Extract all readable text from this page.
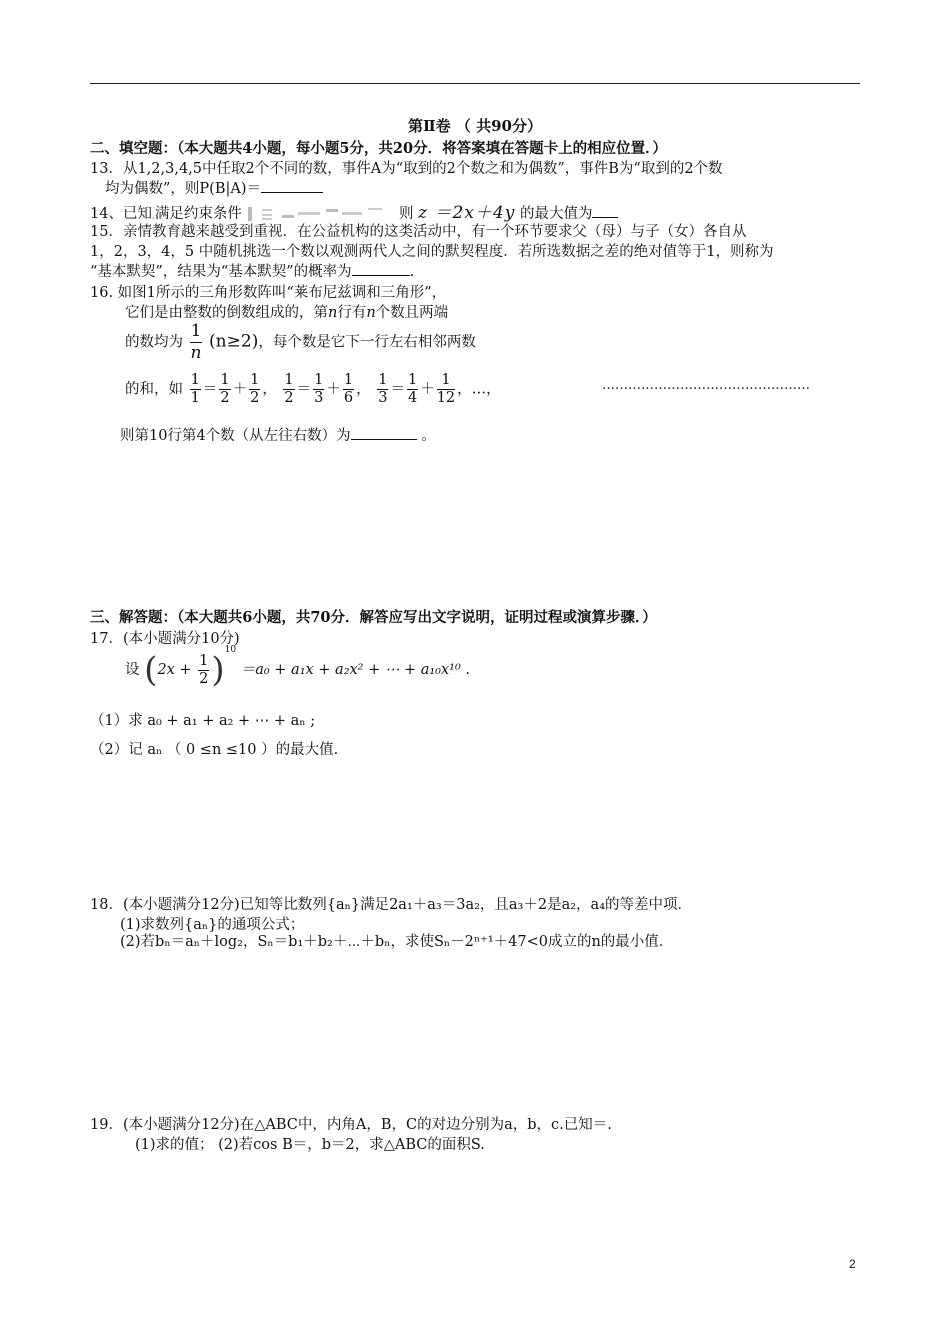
第Ⅱ卷 （ 共90分）
二、填空题：（本大题共4小题，每小题5分，共20分．将答案填在答题卡上的相应位置．）
13．从1,2,3,4,5中任取2个不同的数，事件A为“取到的2个数之和为偶数”，事件B为“取到的2个数
均为偶数”，则P(B|A)＝
14、已知,满足约束条件	则 z ＝2x＋4y 的最大值为
15．亲情教育越来越受到重视．在公益机构的这类活动中，有一个环节要求父（母）与子（女）各自从
1，2，3，4，5 中随机挑选一个数以观测两代人之间的默契程度．若所选数据之差的绝对值等于1，则称为
“基本默契”，结果为“基本默契”的概率为	.
16. 如图1所示的三角形数阵叫“莱布尼兹调和三角形”，
它们是由整数的倒数组成的，第n行有n个数且两端
的数均为 $\frac{1}{n} (n\ge 2)$，每个数是它下一行左右相邻两数
的和，如 $\frac{1}{1} = \frac{1}{2} + \frac{1}{2}$ ， $\frac{1}{2} = \frac{1}{3} + \frac{1}{6}$ ， $\frac{1}{3} = \frac{1}{4} + \frac{1}{12}$ ，…，	…………………………………………
则第10行第4个数（从左往右数）为	。
三、解答题：（本大题共6小题，共70分．解答应写出文字说明，证明过程或演算步骤．）
17．(本小题满分10分)
设 $(2x + \frac{1}{2} )^{10} =a_0 + a_1x + a_2x^2$ + ⋯ + a₁₀x¹⁰ .
（1）求 a₀ + a₁ + a₂ + ⋯ + aₙ ;
（2）记 aₙ （ 0 ≤n ≤10 ）的最大值.
18．(本小题满分12分)已知等比数列{aₙ}满足2a₁＋a₃＝3a₂，且a₃＋2是a₂，a₄的等差中项．
(1)求数列{aₙ}的通项公式；
(2)若bₙ＝aₙ＋log₂，Sₙ＝b₁＋b₂＋⋯＋bₙ，求使Sₙ－2ⁿ⁺¹＋47<0成立的n的最小值．
19．(本小题满分12分)在△ABC中，内角A，B，C的对边分别为a，b，c.已知＝.
(1)求的值； (2)若cos B＝，b＝2，求△ABC的面积S.
2
